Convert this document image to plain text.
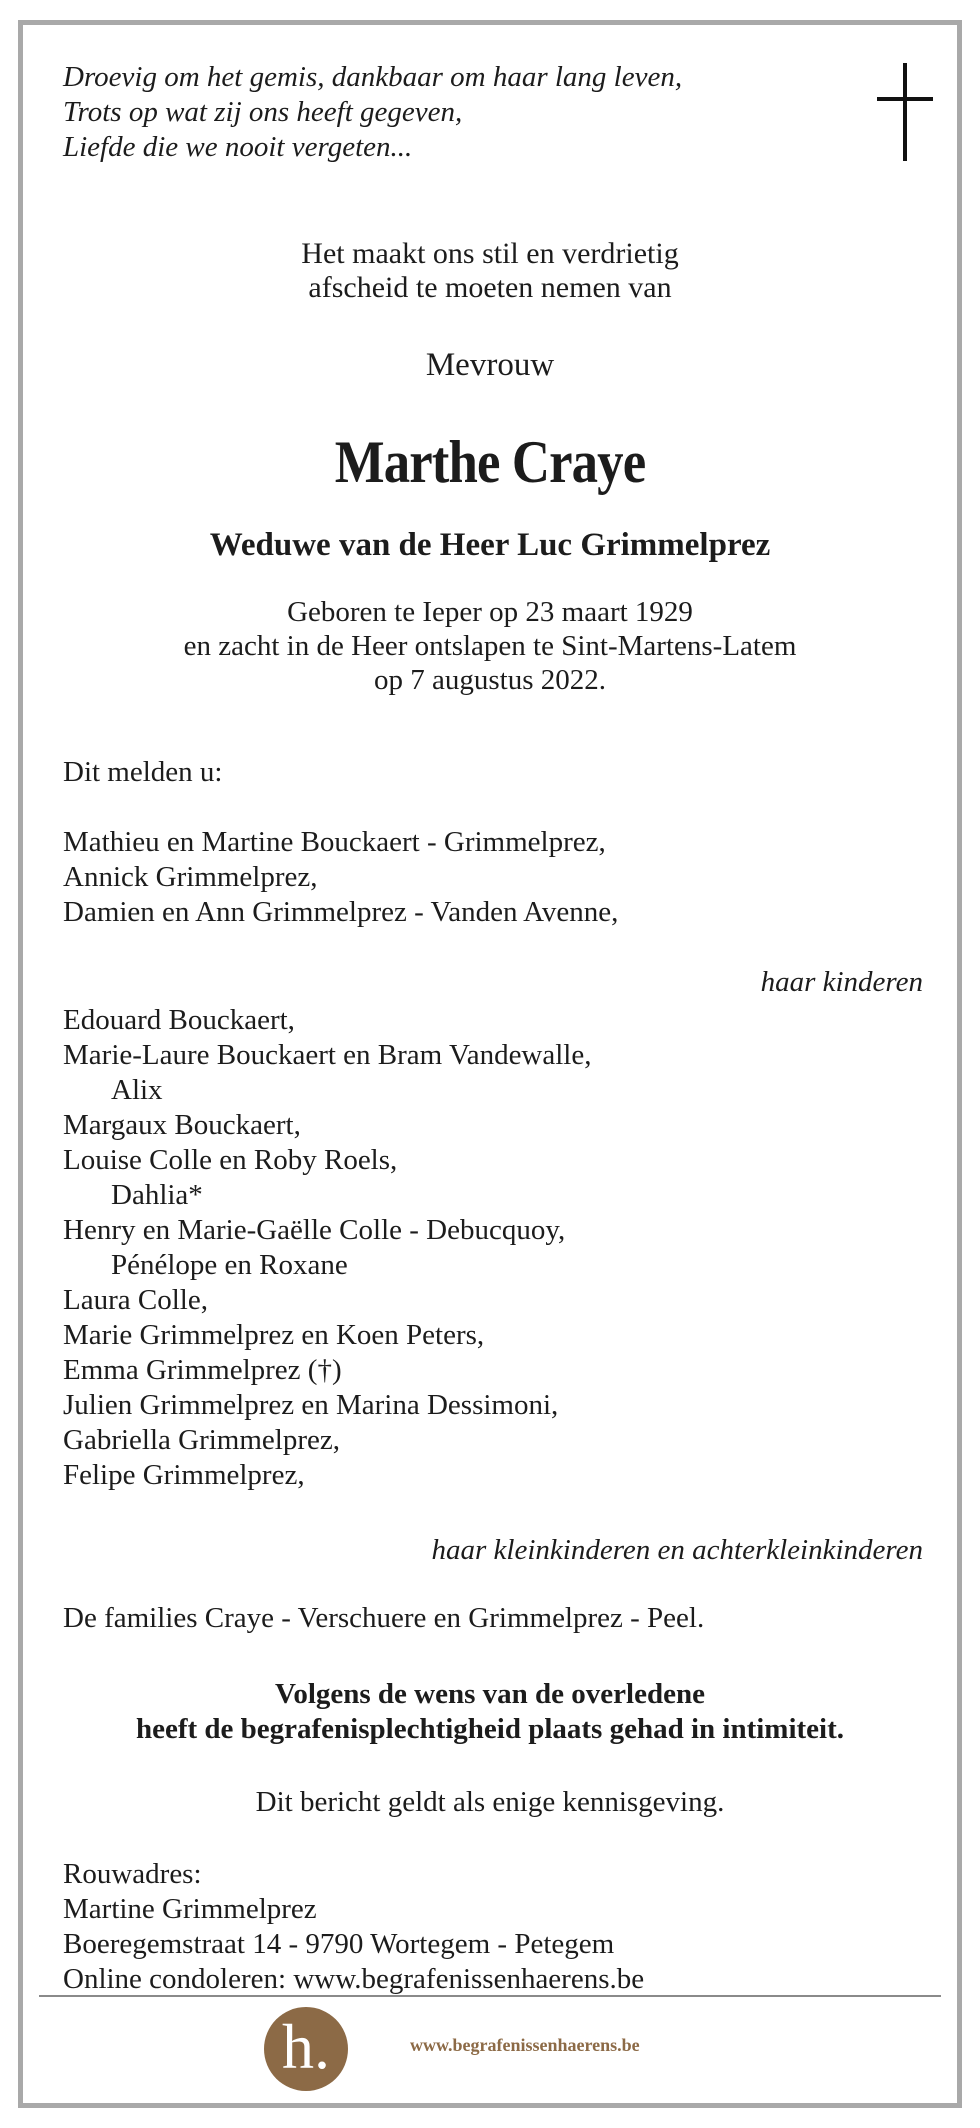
Droevig om het gemis, dankbaar om haar lang leven,
Trots op wat zij ons heeft gegeven,
Liefde die we nooit vergeten...
Het maakt ons stil en verdrietig
afscheid te moeten nemen van
Mevrouw
Marthe Craye
Weduwe van de Heer Luc Grimmelprez
Geboren te Ieper op 23 maart 1929
en zacht in de Heer ontslapen te Sint-Martens-Latem
op 7 augustus 2022.
Dit melden u:
Mathieu en Martine Bouckaert - Grimmelprez,
Annick Grimmelprez,
Damien en Ann Grimmelprez - Vanden Avenne,
haar kinderen
Edouard Bouckaert,
Marie-Laure Bouckaert en Bram Vandewalle,
Alix
Margaux Bouckaert,
Louise Colle en Roby Roels,
Dahlia*
Henry en Marie-Gaëlle Colle - Debucquoy,
Pénélope en Roxane
Laura Colle,
Marie Grimmelprez en Koen Peters,
Emma Grimmelprez (†)
Julien Grimmelprez en Marina Dessimoni,
Gabriella Grimmelprez,
Felipe Grimmelprez,
haar kleinkinderen en achterkleinkinderen
De families Craye - Verschuere en Grimmelprez - Peel.
Volgens de wens van de overledene
heeft de begrafenisplechtigheid plaats gehad in intimiteit.
Dit bericht geldt als enige kennisgeving.
Rouwadres:
Martine Grimmelprez
Boeregemstraat 14 - 9790 Wortegem - Petegem
Online condoleren: www.begrafenissenhaerens.be
h.	www.begrafenissenhaerens.be
